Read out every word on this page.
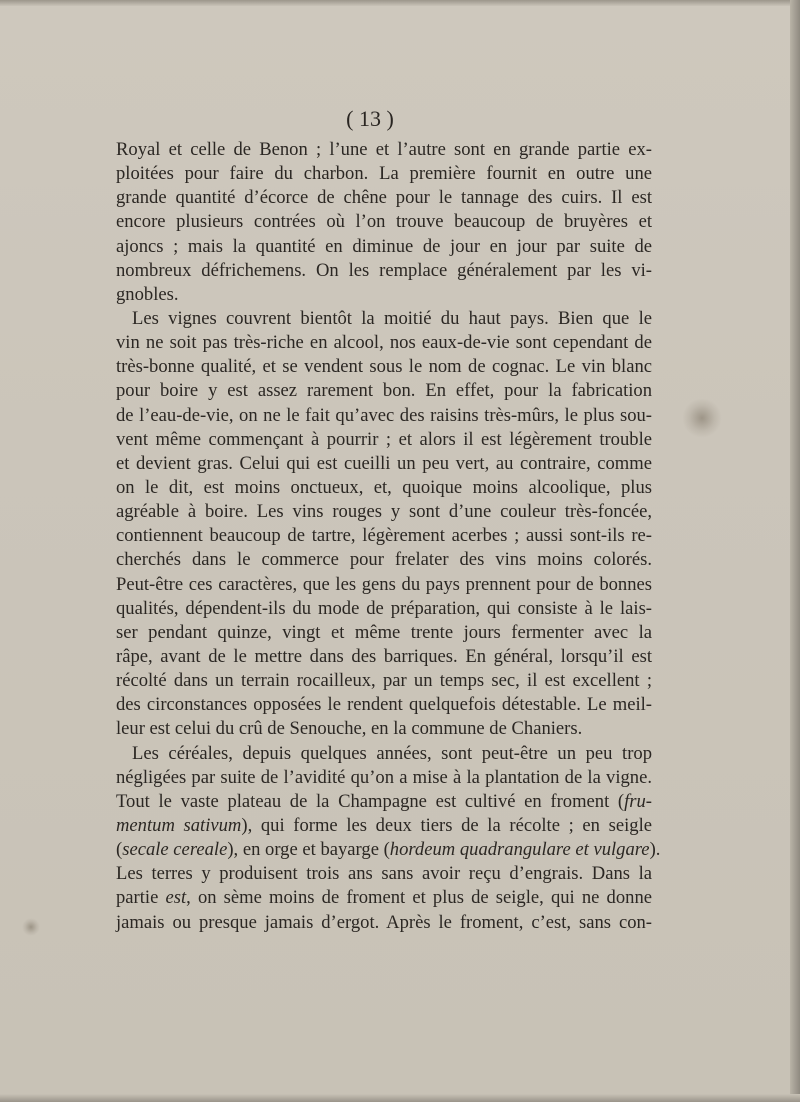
( 13 )
Royal et celle de Benon ; l’une et l’autre sont en grande partie ex-
ploitées pour faire du charbon. La première fournit en outre une
grande quantité d’écorce de chêne pour le tannage des cuirs. Il est
encore plusieurs contrées où l’on trouve beaucoup de bruyères et
ajoncs ; mais la quantité en diminue de jour en jour par suite de
nombreux défrichemens. On les remplace généralement par les vi-
gnobles.
Les vignes couvrent bientôt la moitié du haut pays. Bien que le
vin ne soit pas très-riche en alcool, nos eaux-de-vie sont cependant de
très-bonne qualité, et se vendent sous le nom de cognac. Le vin blanc
pour boire y est assez rarement bon. En effet, pour la fabrication
de l’eau-de-vie, on ne le fait qu’avec des raisins très-mûrs, le plus sou-
vent même commençant à pourrir ; et alors il est légèrement trouble
et devient gras. Celui qui est cueilli un peu vert, au contraire, comme
on le dit, est moins onctueux, et, quoique moins alcoolique, plus
agréable à boire. Les vins rouges y sont d’une couleur très-foncée,
contiennent beaucoup de tartre, légèrement acerbes ; aussi sont-ils re-
cherchés dans le commerce pour frelater des vins moins colorés.
Peut-être ces caractères, que les gens du pays prennent pour de bonnes
qualités, dépendent-ils du mode de préparation, qui consiste à le lais-
ser pendant quinze, vingt et même trente jours fermenter avec la
râpe, avant de le mettre dans des barriques. En général, lorsqu’il est
récolté dans un terrain rocailleux, par un temps sec, il est excellent ;
des circonstances opposées le rendent quelquefois détestable. Le meil-
leur est celui du crû de Senouche, en la commune de Chaniers.
Les céréales, depuis quelques années, sont peut-être un peu trop
négligées par suite de l’avidité qu’on a mise à la plantation de la vigne.
Tout le vaste plateau de la Champagne est cultivé en froment (fru-
mentum sativum), qui forme les deux tiers de la récolte ; en seigle
(secale cereale), en orge et bayarge (hordeum quadrangulare et vulgare).
Les terres y produisent trois ans sans avoir reçu d’engrais. Dans la
partie est, on sème moins de froment et plus de seigle, qui ne donne
jamais ou presque jamais d’ergot. Après le froment, c’est, sans con-
